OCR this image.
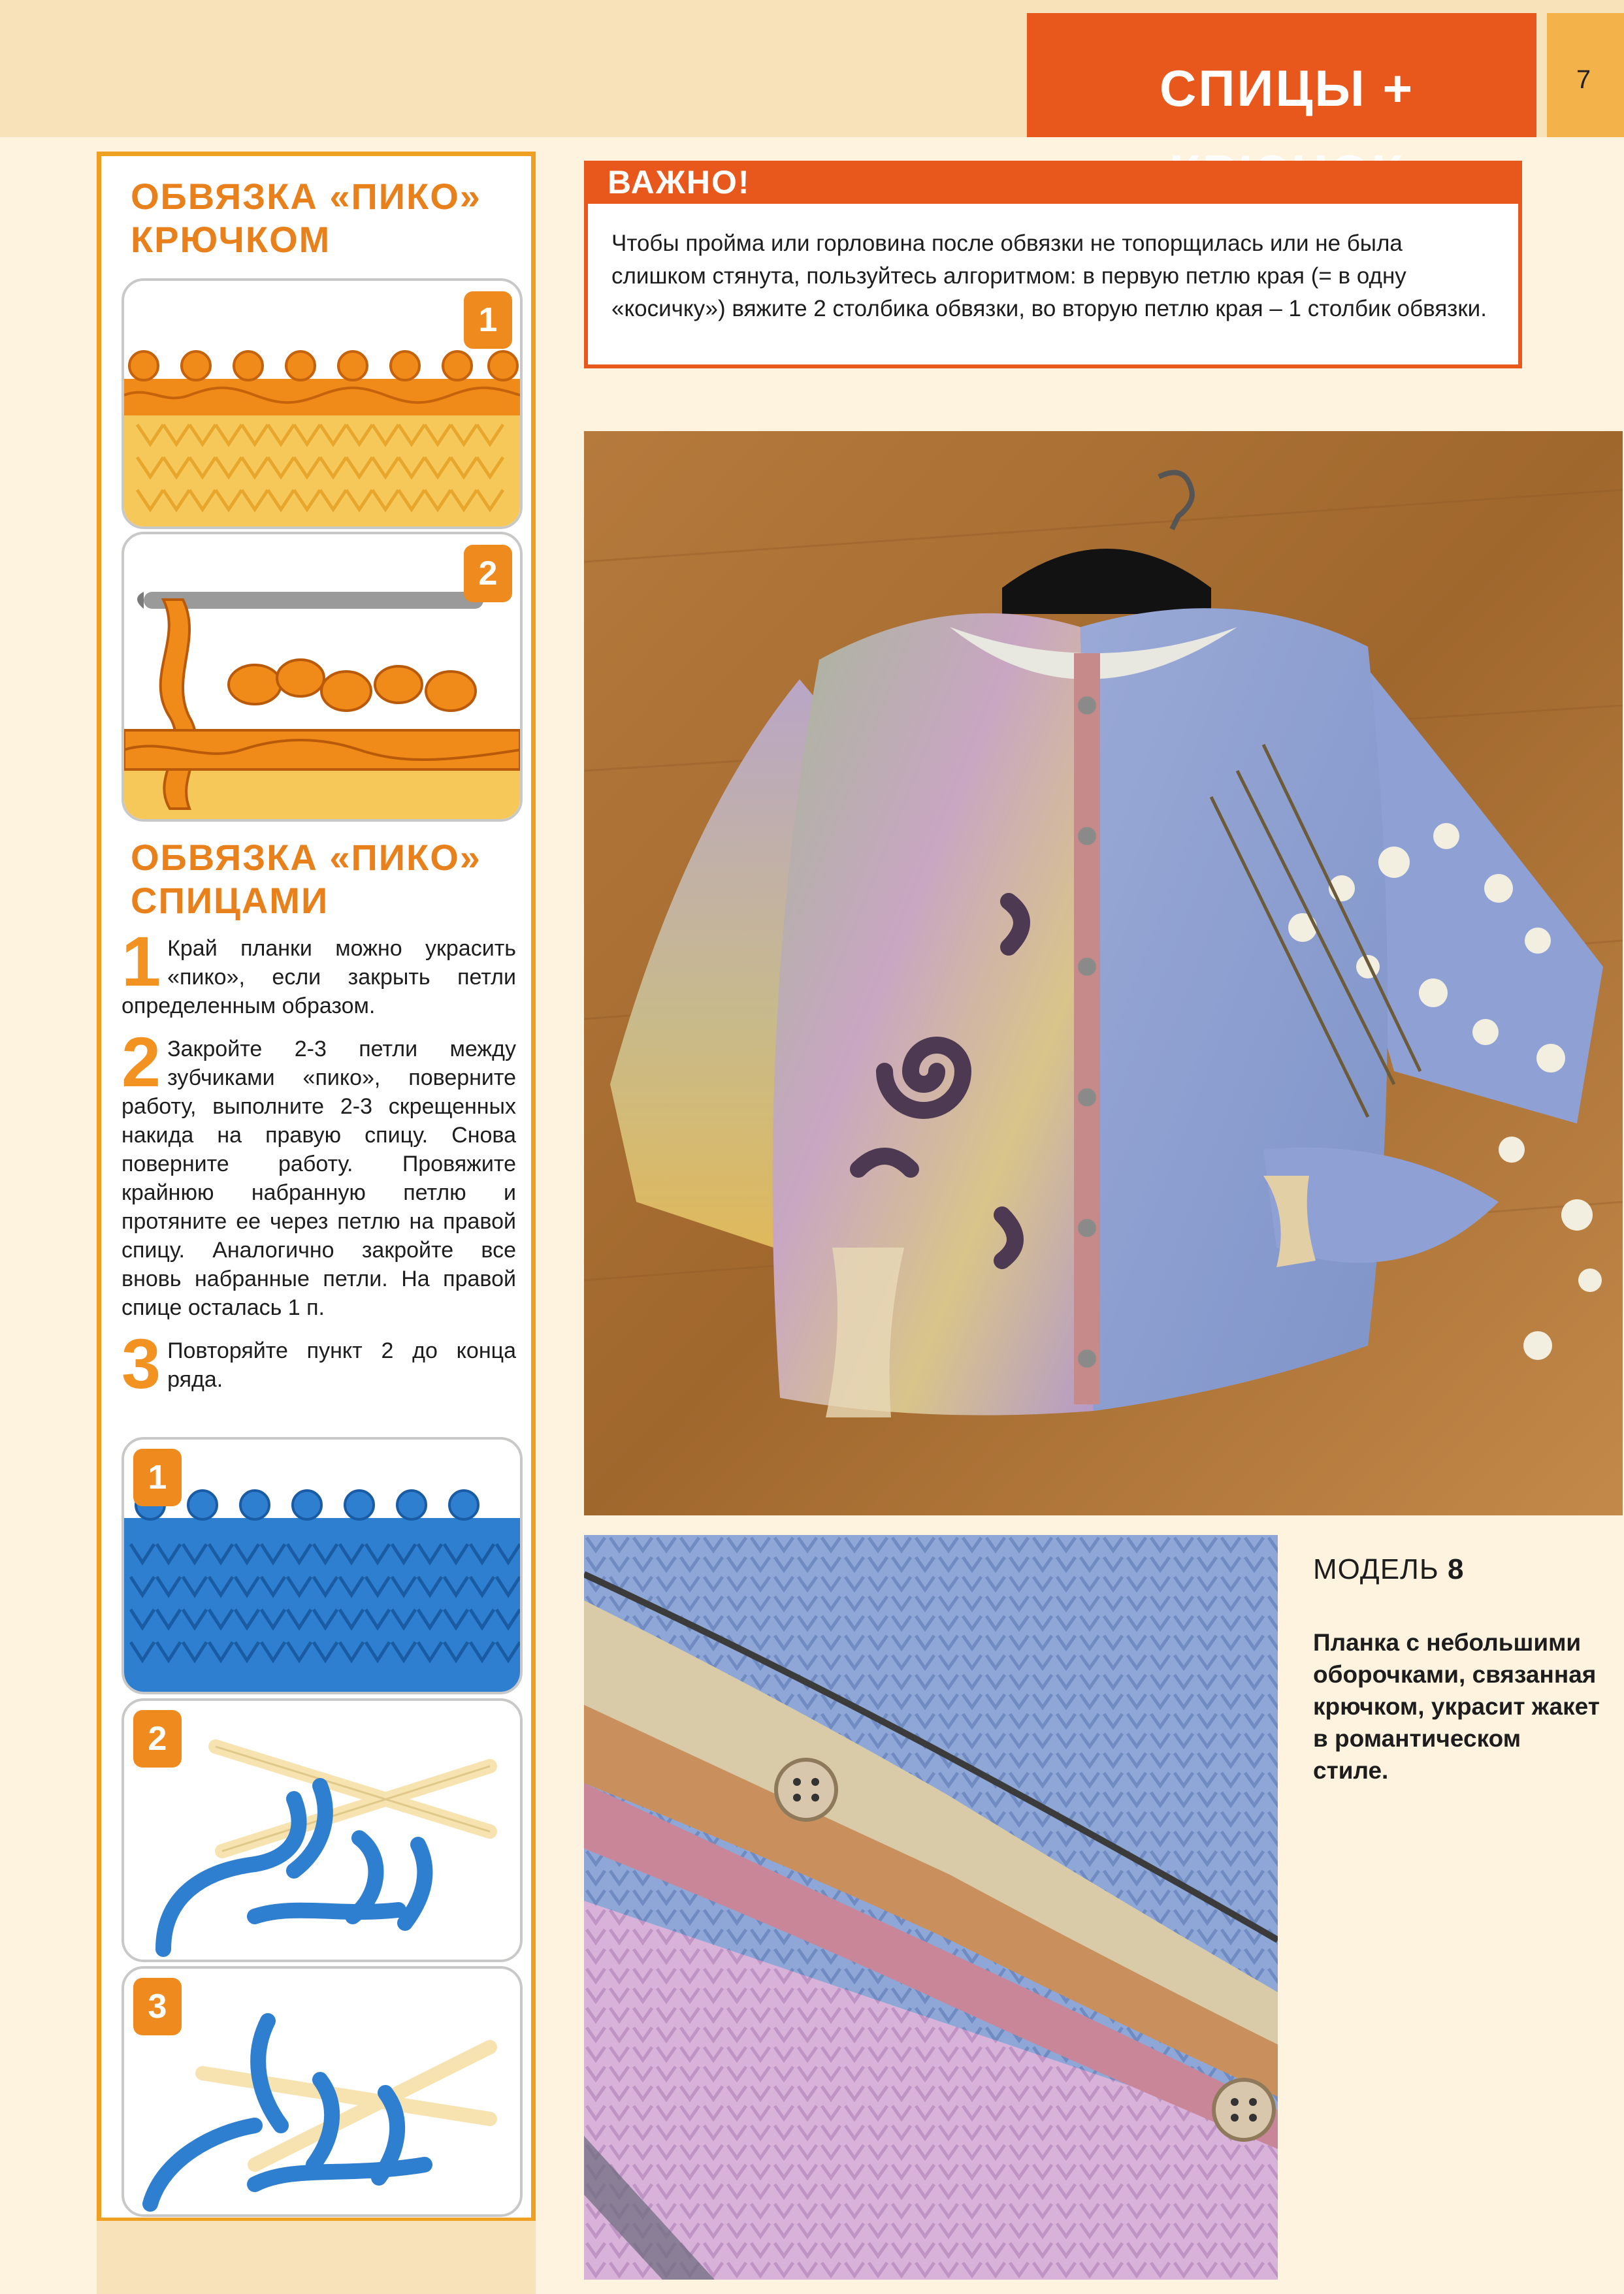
СПИЦЫ +	7
ОБВЯЗКА «ПИКО»
КРЮЧКОМ
1
2
ОБВЯЗКА «ПИКО»
СПИЦАМИ
1 Край планки можно украсить «пико», если закрыть петли определенным образом.
2 Закройте 2-3 петли между зубчиками «пико», поверните работу, выполните 2-3 скрещенных накида на правую спицу. Снова поверните работу. Провяжите крайнюю набранную петлю и протяните ее через петлю на правой спицу. Аналогично закройте все вновь набранные петли. На правой спице осталась 1 п.
3 Повторяйте пункт 2 до конца ряда.
1
2
3
ВАЖНО!
Чтобы пройма или горловина после обвязки не топорщилась или не была слишком стянута, пользуйтесь алгоритмом: в первую петлю края (= в одну «косичку») вяжите 2 столбика обвязки, во вторую петлю края – 1 столбик обвязки.
МОДЕЛЬ 8
Планка с небольшими оборочками, связанная крючком, украсит жакет в романтическом стиле.
